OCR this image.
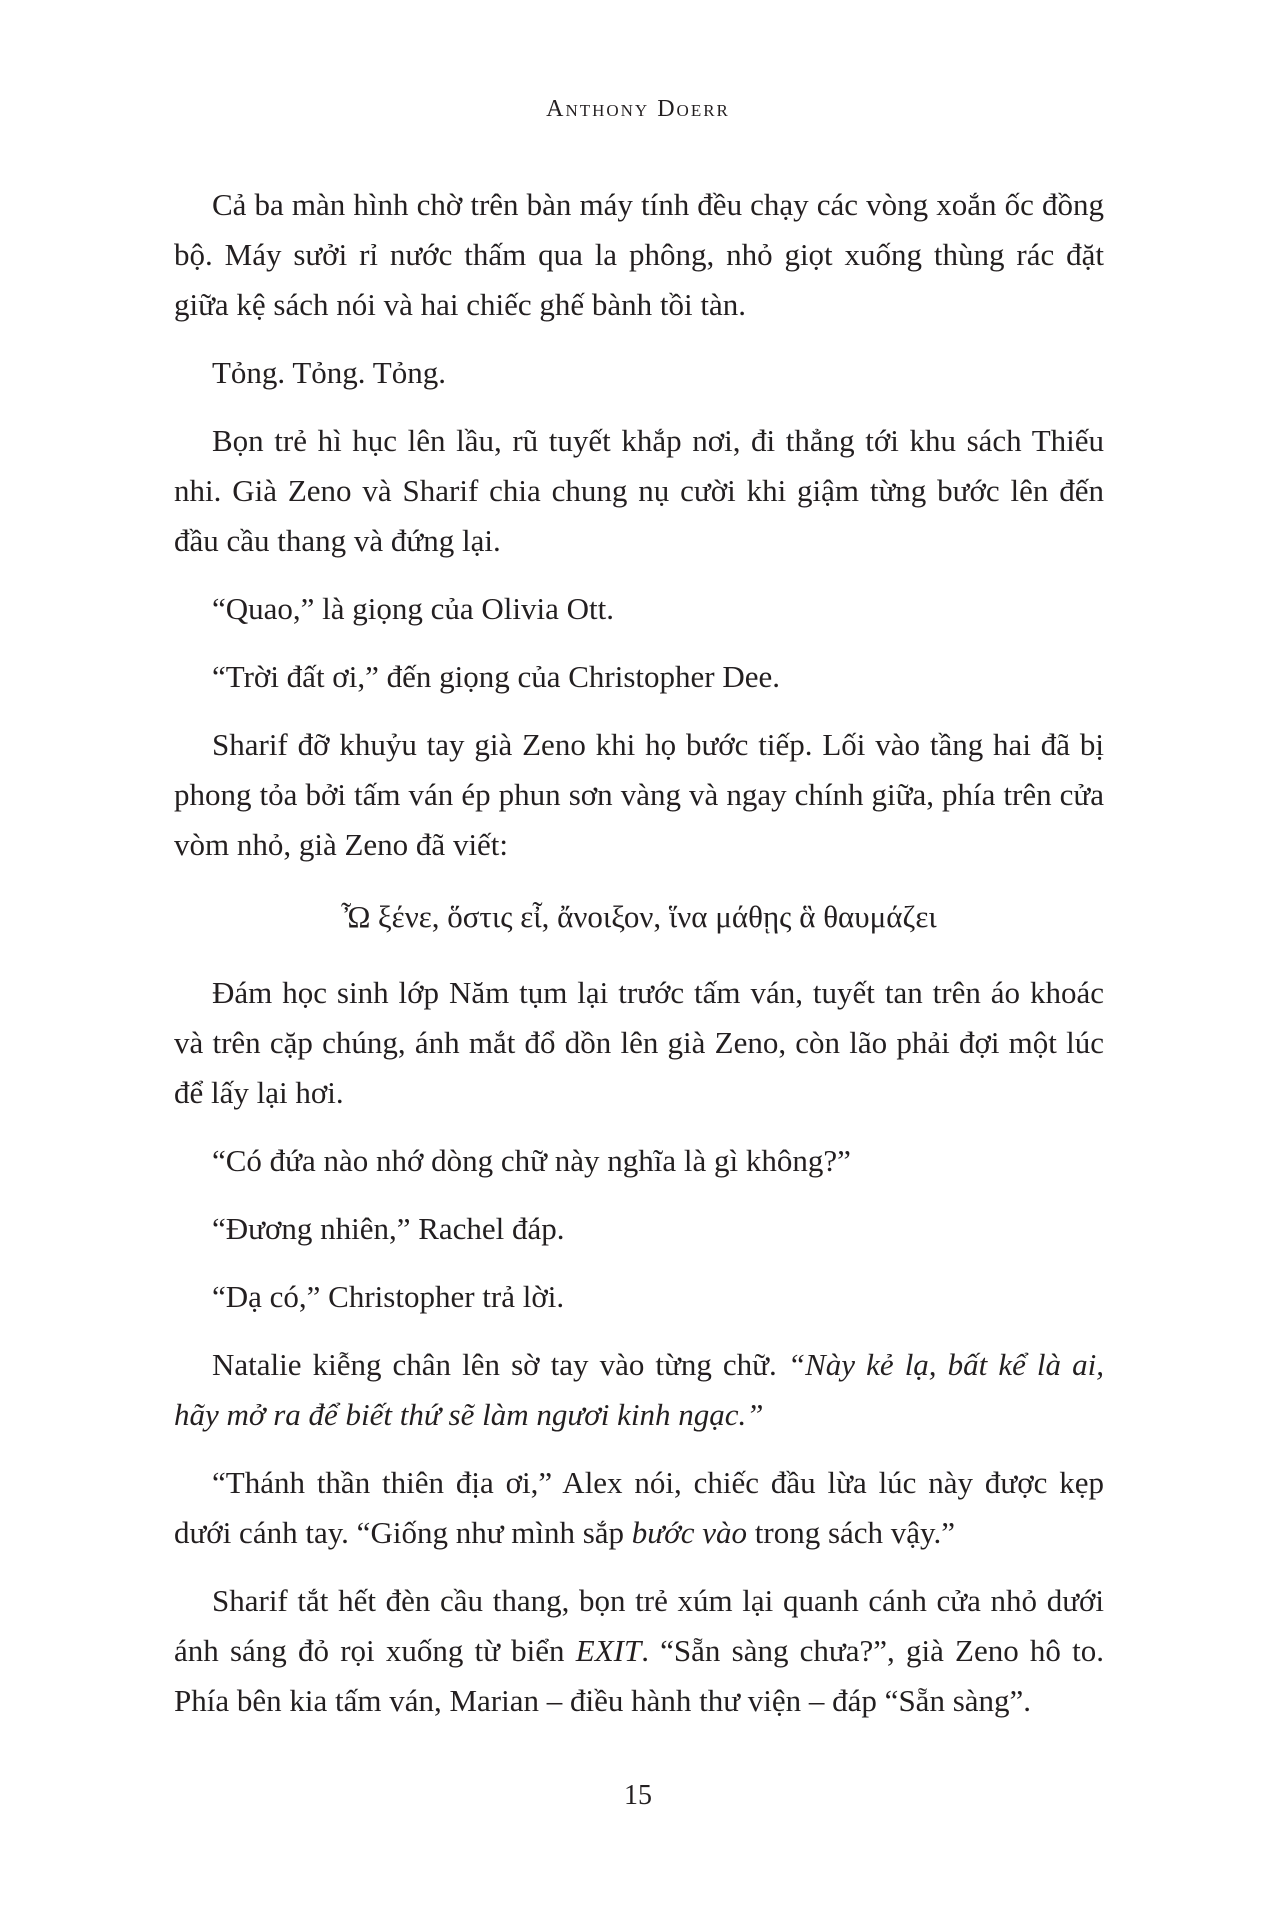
Anthony Doerr

Cả ba màn hình chờ trên bàn máy tính đều chạy các vòng xoắn ốc đồng bộ. Máy sưởi rỉ nước thấm qua la phông, nhỏ giọt xuống thùng rác đặt giữa kệ sách nói và hai chiếc ghế bành tồi tàn.

Tỏng. Tỏng. Tỏng.

Bọn trẻ hì hục lên lầu, rũ tuyết khắp nơi, đi thẳng tới khu sách Thiếu nhi. Già Zeno và Sharif chia chung nụ cười khi giậm từng bước lên đến đầu cầu thang và đứng lại.

“Quao,” là giọng của Olivia Ott.

“Trời đất ơi,” đến giọng của Christopher Dee.

Sharif đỡ khuỷu tay già Zeno khi họ bước tiếp. Lối vào tầng hai đã bị phong tỏa bởi tấm ván ép phun sơn vàng và ngay chính giữa, phía trên cửa vòm nhỏ, già Zeno đã viết:

Ὦ ξένε, ὅστις εἶ, ἄνοιξον, ἵνα μάθῃς ἃ θαυμάζει

Đám học sinh lớp Năm tụm lại trước tấm ván, tuyết tan trên áo khoác và trên cặp chúng, ánh mắt đổ dồn lên già Zeno, còn lão phải đợi một lúc để lấy lại hơi.

“Có đứa nào nhớ dòng chữ này nghĩa là gì không?”

“Đương nhiên,” Rachel đáp.

“Dạ có,” Christopher trả lời.

Natalie kiễng chân lên sờ tay vào từng chữ. “Này kẻ lạ, bất kể là ai, hãy mở ra để biết thứ sẽ làm ngươi kinh ngạc.”

“Thánh thần thiên địa ơi,” Alex nói, chiếc đầu lừa lúc này được kẹp dưới cánh tay. “Giống như mình sắp bước vào trong sách vậy.”

Sharif tắt hết đèn cầu thang, bọn trẻ xúm lại quanh cánh cửa nhỏ dưới ánh sáng đỏ rọi xuống từ biển EXIT. “Sẵn sàng chưa?”, già Zeno hô to. Phía bên kia tấm ván, Marian – điều hành thư viện – đáp “Sẵn sàng”.

15
